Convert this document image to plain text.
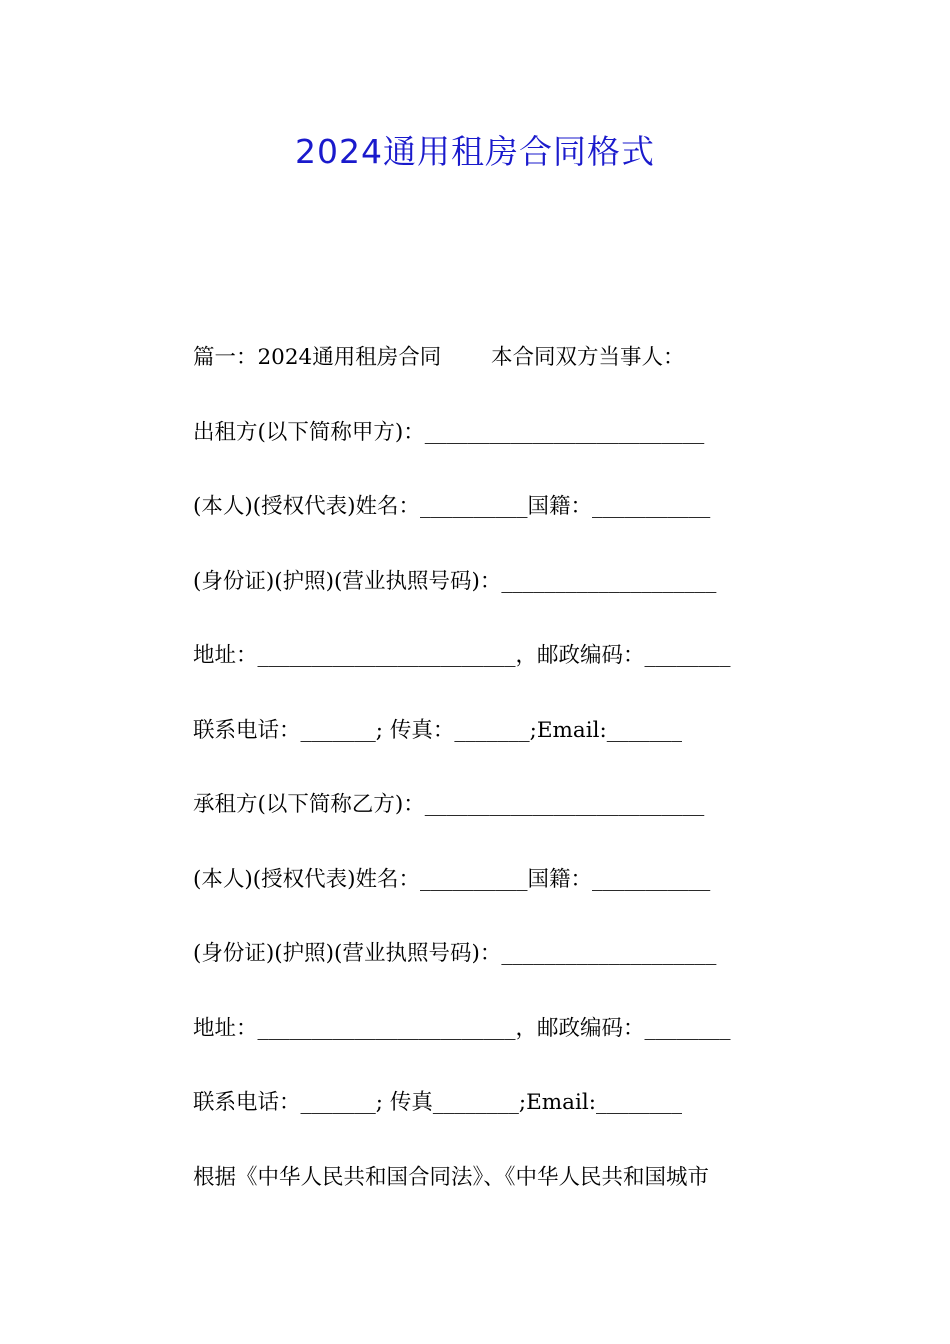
2024通用租房合同格式
篇一：2024通用租房合同　　 本合同双方当事人：
出租方(以下简称甲方)：__________________________
(本人)(授权代表)姓名：__________国籍：___________
(身份证)(护照)(营业执照号码)：____________________
地址：________________________，邮政编码：________
联系电话：_______; 传真：_______;Email:_______
承租方(以下简称乙方)：__________________________
(本人)(授权代表)姓名：__________国籍：___________
(身份证)(护照)(营业执照号码)：____________________
地址：________________________，邮政编码：________
联系电话：_______; 传真________;Email:________
根据《中华人民共和国合同法》、《中华人民共和国城市
